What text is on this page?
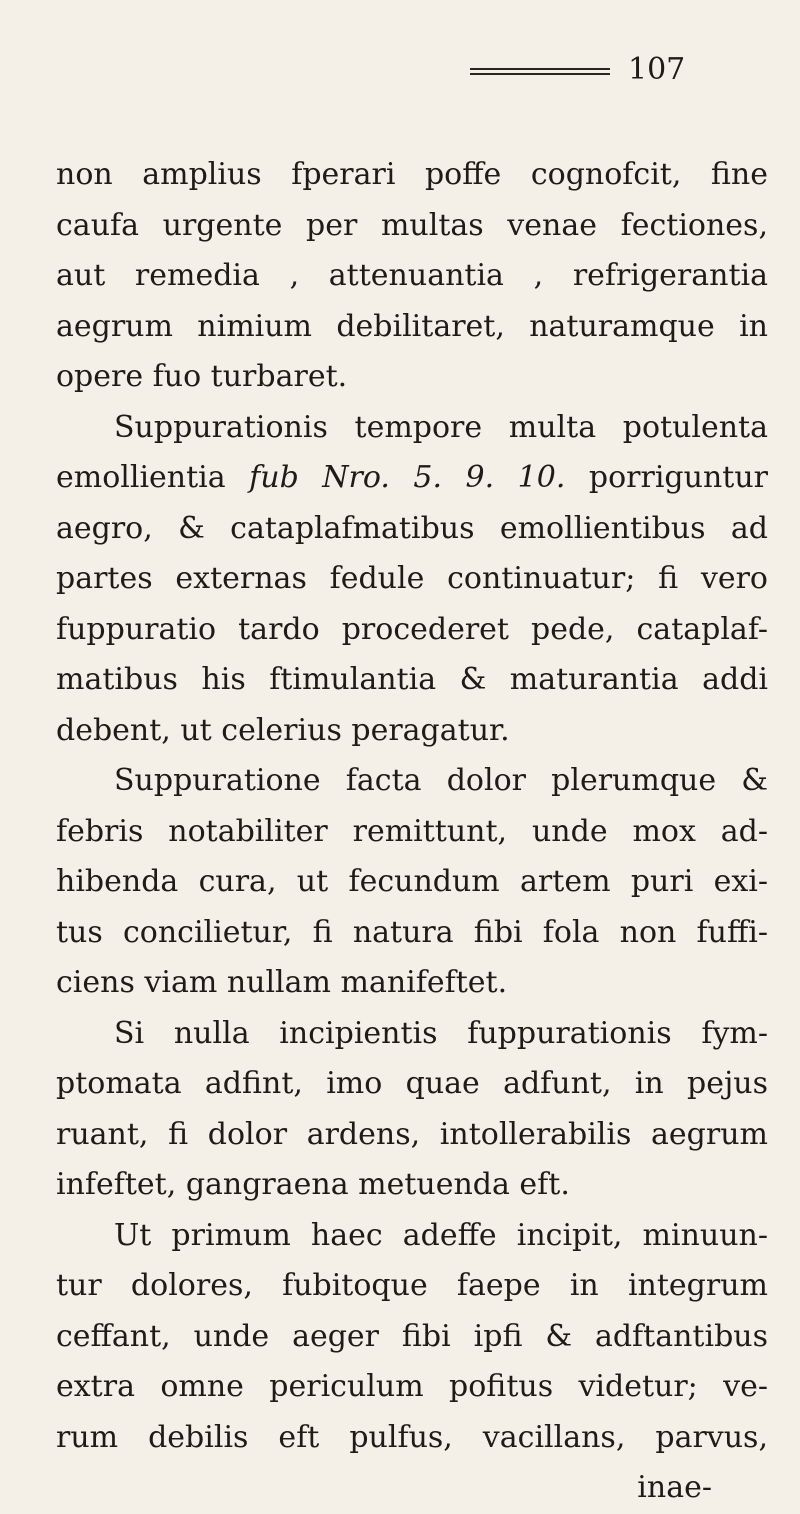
107
non amplius fperari poffe cognofcit, fine
caufa urgente per multas venae fectiones,
aut remedia , attenuantia , refrigerantia
aegrum nimium debilitaret, naturamque in
opere fuo turbaret.
Suppurationis tempore multa potulenta
emollientia fub Nro. 5. 9. 10. porriguntur
aegro, & cataplafmatibus emollientibus ad
partes externas fedule continuatur; fi vero
fuppuratio tardo procederet pede, cataplaf-
matibus his ftimulantia & maturantia addi
debent, ut celerius peragatur.
Suppuratione facta dolor plerumque &
febris notabiliter remittunt, unde mox ad-
hibenda cura, ut fecundum artem puri exi-
tus concilietur, fi natura fibi fola non fuffi-
ciens viam nullam manifeftet.
Si nulla incipientis fuppurationis fym-
ptomata adfint, imo quae adfunt, in pejus
ruant, fi dolor ardens, intollerabilis aegrum
infeftet, gangraena metuenda eft.
Ut primum haec adeffe incipit, minuun-
tur dolores, fubitoque faepe in integrum
ceffant, unde aeger fibi ipfi & adftantibus
extra omne periculum pofitus videtur; ve-
rum debilis eft pulfus, vacillans, parvus,
inae-
